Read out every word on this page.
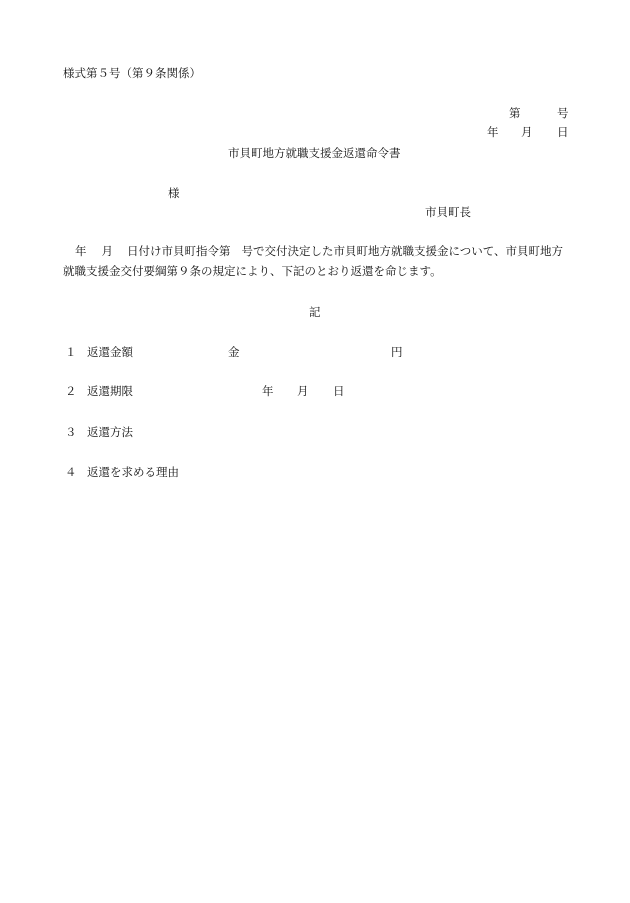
様式第５号（第９条関係）
第	号
年 月 日
市貝町地方就職支援金返還命令書
様
市貝町長
年 月 日付け市貝町指令第 号で交付決定した市貝町地方就職支援金について、市貝町地方
就職支援金交付要綱第９条の規定により、下記のとおり返還を命じます。
記
１ 返還金額	金	円
２ 返還期限	年 月 日
３ 返還方法
４ 返還を求める理由
